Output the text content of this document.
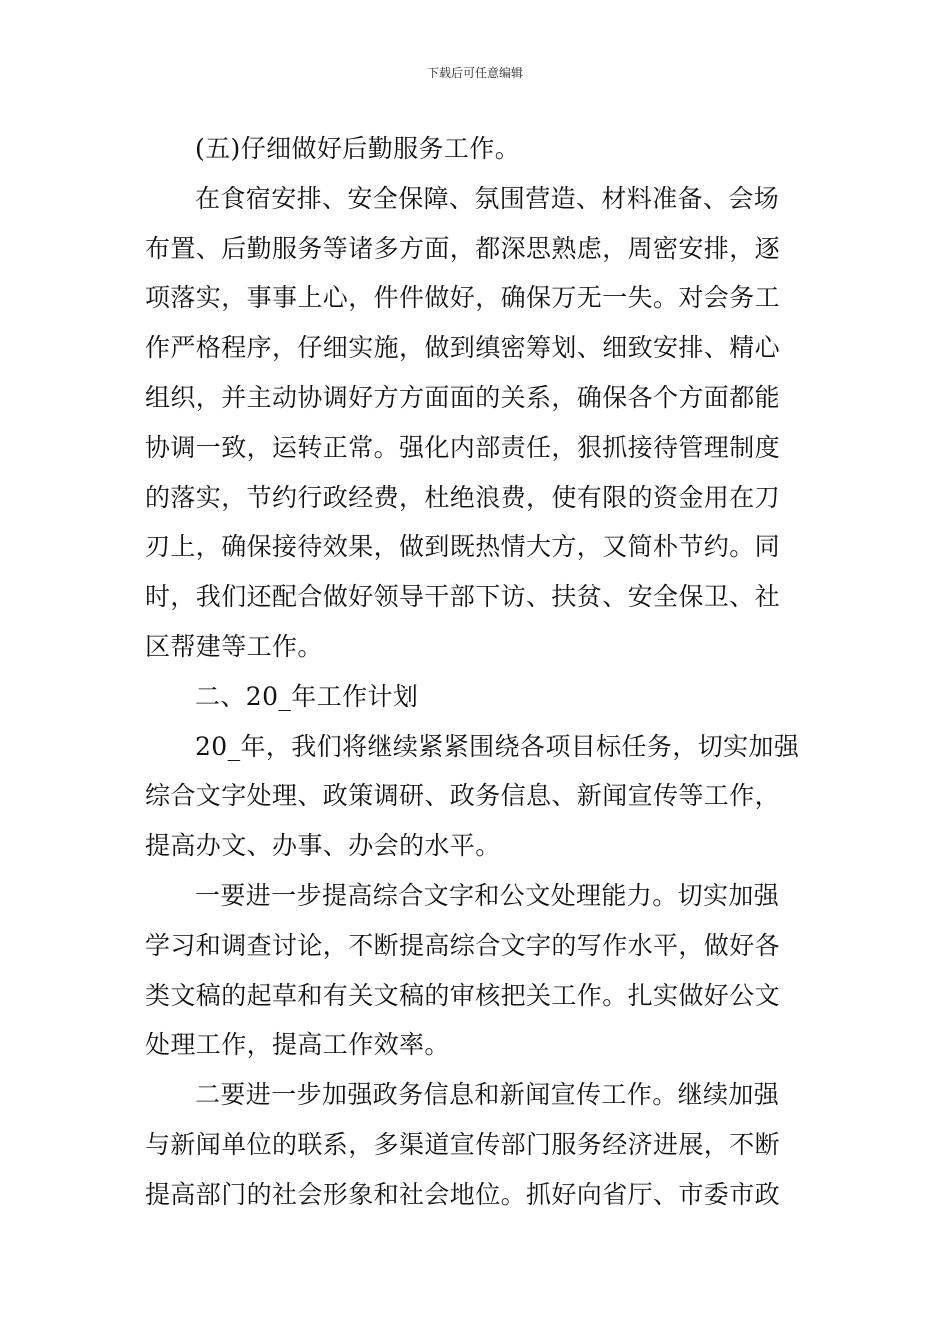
下载后可任意编辑
(五)仔细做好后勤服务工作。
在食宿安排、安全保障、氛围营造、材料准备、会场
布置、后勤服务等诸多方面，都深思熟虑，周密安排，逐
项落实，事事上心，件件做好，确保万无一失。对会务工
作严格程序，仔细实施，做到缜密筹划、细致安排、精心
组织，并主动协调好方方面面的关系，确保各个方面都能
协调一致，运转正常。强化内部责任，狠抓接待管理制度
的落实，节约行政经费，杜绝浪费，使有限的资金用在刀
刃上，确保接待效果，做到既热情大方，又简朴节约。同
时，我们还配合做好领导干部下访、扶贫、安全保卫、社
区帮建等工作。
二、20_年工作计划
20_年，我们将继续紧紧围绕各项目标任务，切实加强
综合文字处理、政策调研、政务信息、新闻宣传等工作，
提高办文、办事、办会的水平。
一要进一步提高综合文字和公文处理能力。切实加强
学习和调查讨论，不断提高综合文字的写作水平，做好各
类文稿的起草和有关文稿的审核把关工作。扎实做好公文
处理工作，提高工作效率。
二要进一步加强政务信息和新闻宣传工作。继续加强
与新闻单位的联系，多渠道宣传部门服务经济进展，不断
提高部门的社会形象和社会地位。抓好向省厅、市委市政
